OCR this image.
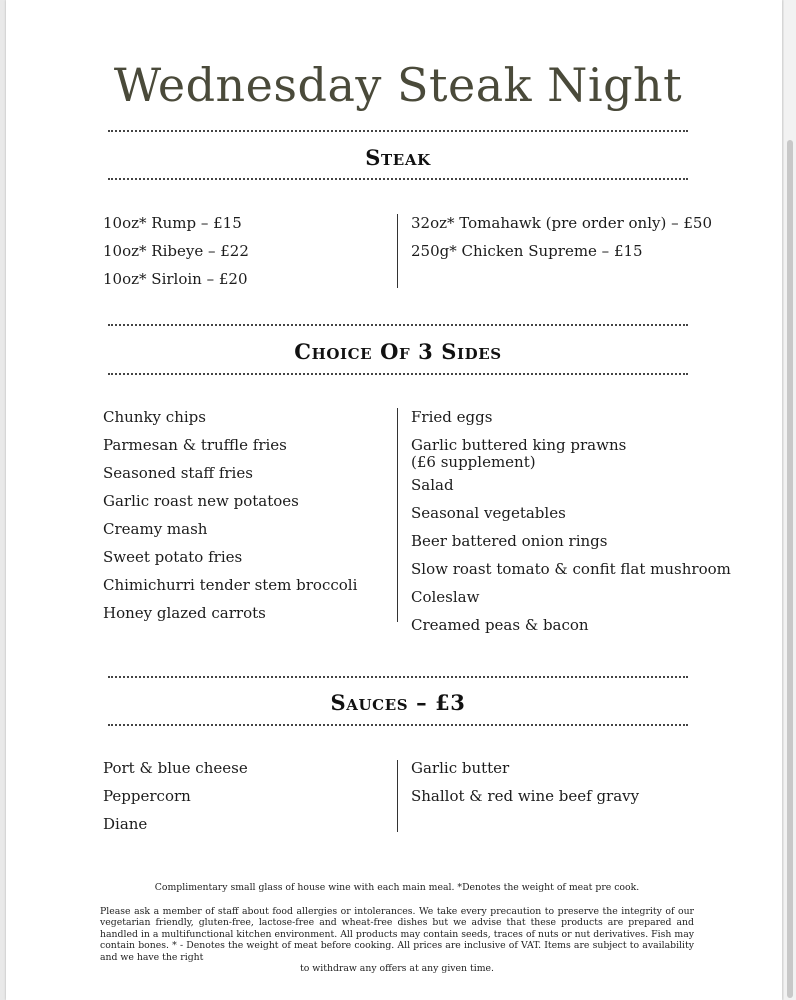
Wednesday Steak Night
Steak
10oz* Rump – £15
10oz* Ribeye – £22
10oz* Sirloin – £20
32oz* Tomahawk (pre order only) – £50
250g* Chicken Supreme – £15
Choice Of 3 Sides
Chunky chips
Parmesan & truffle fries
Seasoned staff fries
Garlic roast new potatoes
Creamy mash
Sweet potato fries
Chimichurri tender stem broccoli
Honey glazed carrots
Fried eggs
Garlic buttered king prawns
(£6 supplement)
Salad
Seasonal vegetables
Beer battered onion rings
Slow roast tomato & confit flat mushroom
Coleslaw
Creamed peas & bacon
Sauces – £3
Port & blue cheese
Peppercorn
Diane
Garlic butter
Shallot & red wine beef gravy
Complimentary small glass of house wine with each main meal. *Denotes the weight of meat pre cook.
Please ask a member of staff about food allergies or intolerances. We take every precaution to preserve the integrity of our vegetarian friendly, gluten-free, lactose-free and wheat-free dishes but we advise that these products are prepared and handled in a multifunctional kitchen environment. All products may contain seeds, traces of nuts or nut derivatives. Fish may contain bones. * - Denotes the weight of meat before cooking. All prices are inclusive of VAT. Items are subject to availability and we have the right
to withdraw any offers at any given time.
